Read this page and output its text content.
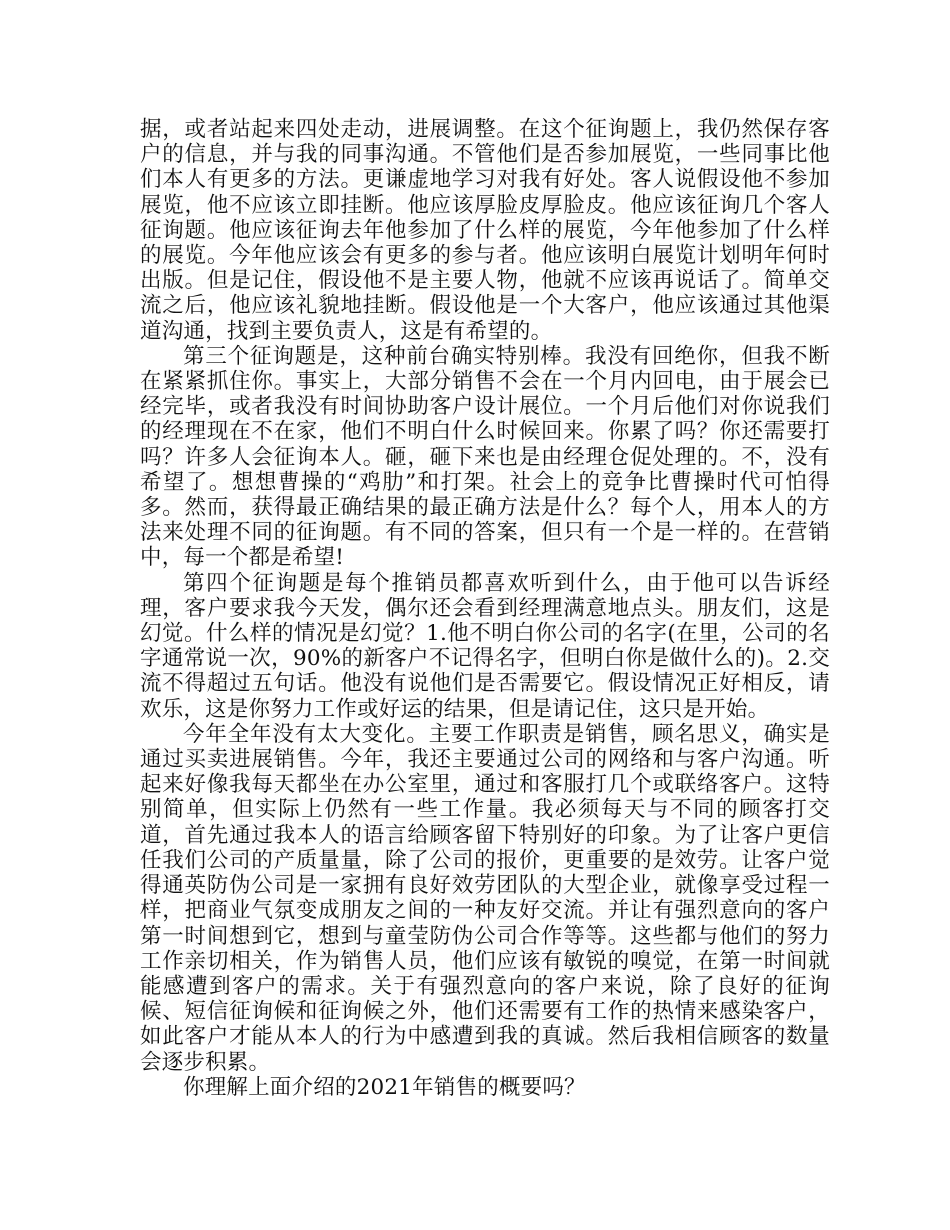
据，或者站起来四处走动，进展调整。在这个征询题上，我仍然保存客户的信息，并与我的同事沟通。不管他们是否参加展览，一些同事比他们本人有更多的方法。更谦虚地学习对我有好处。客人说假设他不参加展览，他不应该立即挂断。他应该厚脸皮厚脸皮。他应该征询几个客人征询题。他应该征询去年他参加了什么样的展览，今年他参加了什么样的展览。今年他应该会有更多的参与者。他应该明白展览计划明年何时出版。但是记住，假设他不是主要人物，他就不应该再说话了。简单交流之后，他应该礼貌地挂断。假设他是一个大客户，他应该通过其他渠道沟通，找到主要负责人，这是有希望的。

第三个征询题是，这种前台确实特别棒。我没有回绝你，但我不断在紧紧抓住你。事实上，大部分销售不会在一个月内回电，由于展会已经完毕，或者我没有时间协助客户设计展位。一个月后他们对你说我们的经理现在不在家，他们不明白什么时候回来。你累了吗？你还需要打吗？许多人会征询本人。砸，砸下来也是由经理仓促处理的。不，没有希望了。想想曹操的“鸡肋”和打架。社会上的竞争比曹操时代可怕得多。然而，获得最正确结果的最正确方法是什么？每个人，用本人的方法来处理不同的征询题。有不同的答案，但只有一个是一样的。在营销中，每一个都是希望!

第四个征询题是每个推销员都喜欢听到什么，由于他可以告诉经理，客户要求我今天发，偶尔还会看到经理满意地点头。朋友们，这是幻觉。什么样的情况是幻觉？1.他不明白你公司的名字(在里，公司的名字通常说一次，90%的新客户不记得名字，但明白你是做什么的)。2.交流不得超过五句话。他没有说他们是否需要它。假设情况正好相反，请欢乐，这是你努力工作或好运的结果，但是请记住，这只是开始。

今年全年没有太大变化。主要工作职责是销售，顾名思义，确实是通过买卖进展销售。今年，我还主要通过公司的网络和与客户沟通。听起来好像我每天都坐在办公室里，通过和客服打几个或联络客户。这特别简单，但实际上仍然有一些工作量。我必须每天与不同的顾客打交道，首先通过我本人的语言给顾客留下特别好的印象。为了让客户更信任我们公司的产质量量，除了公司的报价，更重要的是效劳。让客户觉得通英防伪公司是一家拥有良好效劳团队的大型企业，就像享受过程一样，把商业气氛变成朋友之间的一种友好交流。并让有强烈意向的客户第一时间想到它，想到与童莹防伪公司合作等等。这些都与他们的努力工作亲切相关，作为销售人员，他们应该有敏锐的嗅觉，在第一时间就能感遭到客户的需求。关于有强烈意向的客户来说，除了良好的征询候、短信征询候和征询候之外，他们还需要有工作的热情来感染客户，如此客户才能从本人的行为中感遭到我的真诚。然后我相信顾客的数量会逐步积累。

你理解上面介绍的2021年销售的概要吗？
